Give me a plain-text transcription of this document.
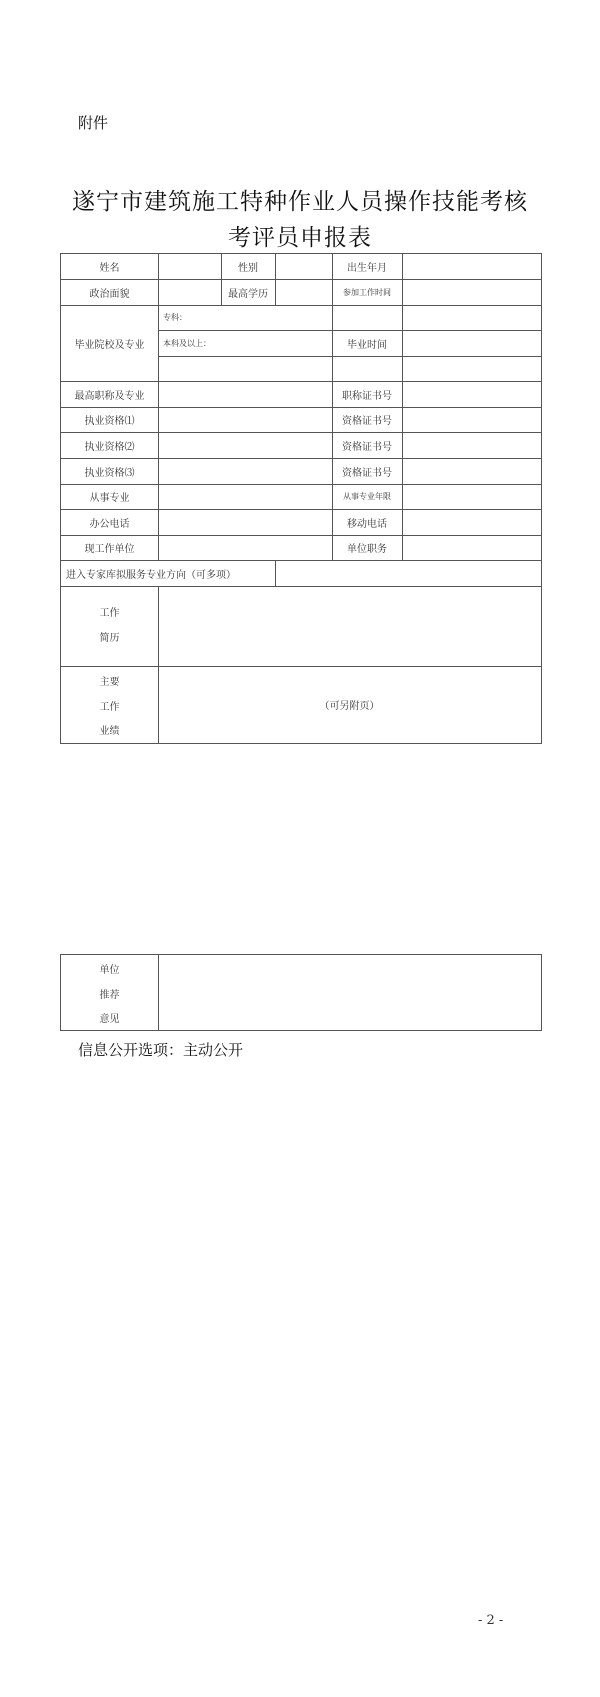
附件
遂宁市建筑施工特种作业人员操作技能考核
考评员申报表
姓名	性别	出生年月
政治面貌	最高学历	参加工作时间
毕业院校及专业
专科：
本科及以上：	毕业时间
最高职称及专业	职称证书号
执业资格⑴	资格证书号
执业资格⑵	资格证书号
执业资格⑶	资格证书号
从事专业	从事专业年限
办公电话	移动电话
现工作单位	单位职务
进入专家库拟服务专业方向（可多项）
工作
简历
主要
工作
业绩
（可另附页）
单位
推荐
意见
信息公开选项：主动公开
- 2 -
